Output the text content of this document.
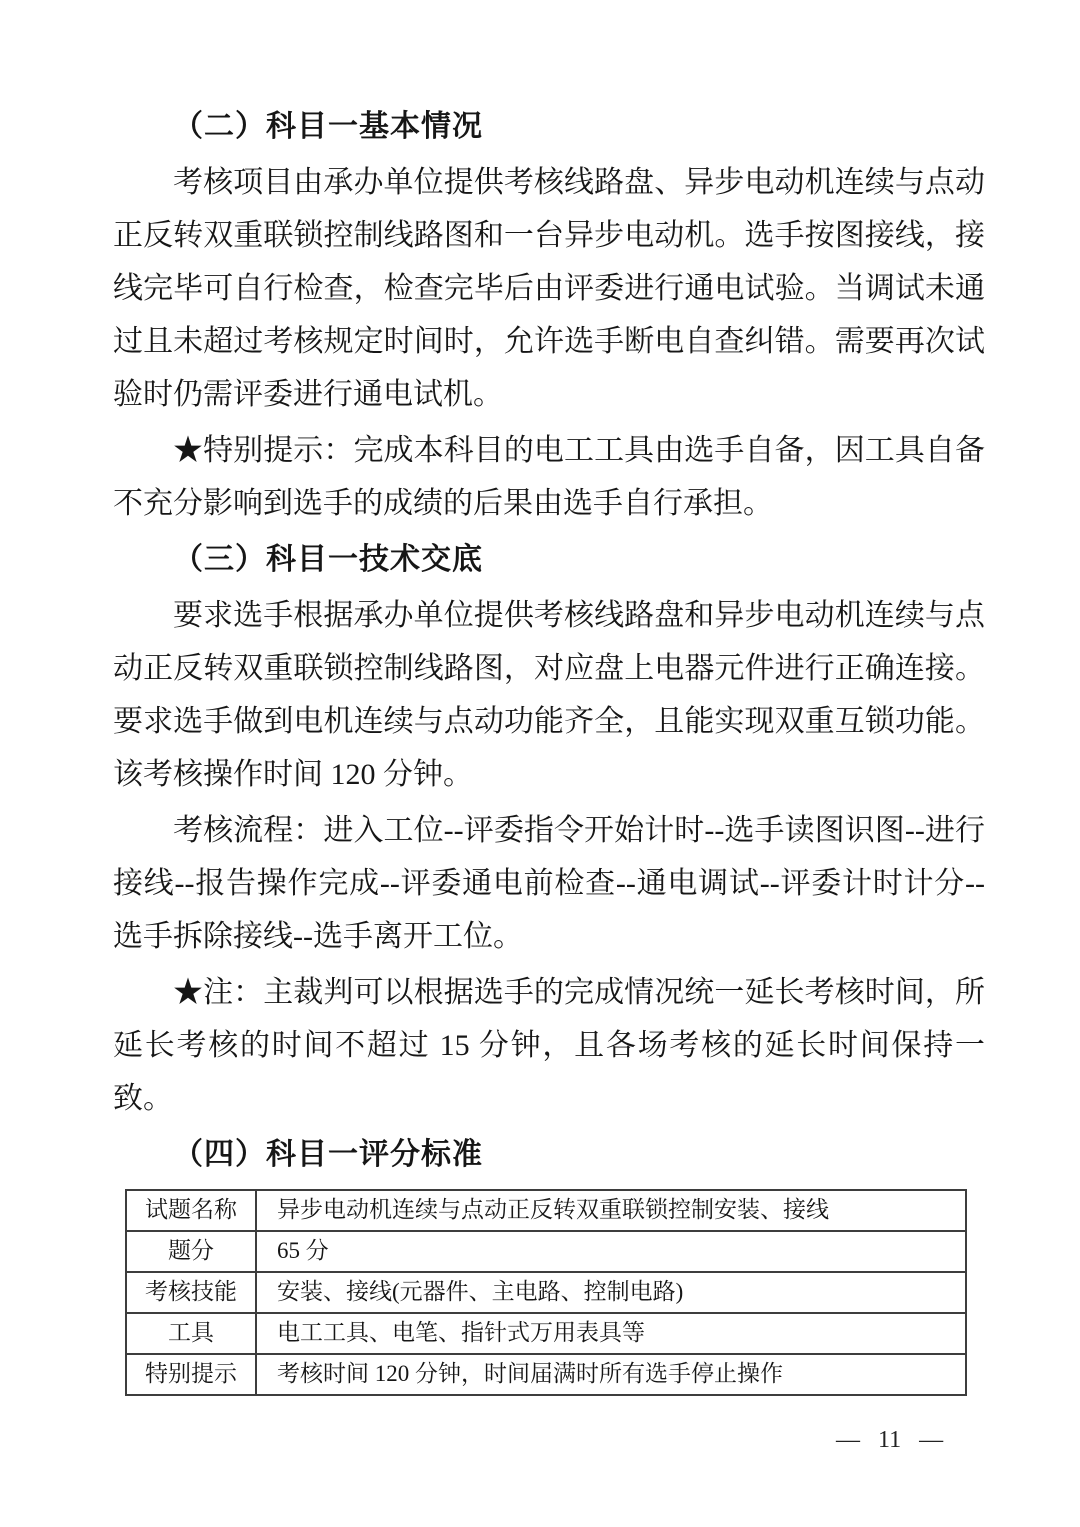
（二）科目一基本情况

考核项目由承办单位提供考核线路盘、异步电动机连续与点动正反转双重联锁控制线路图和一台异步电动机。选手按图接线，接线完毕可自行检查，检查完毕后由评委进行通电试验。当调试未通过且未超过考核规定时间时，允许选手断电自查纠错。需要再次试验时仍需评委进行通电试机。

★特别提示：完成本科目的电工工具由选手自备，因工具自备不充分影响到选手的成绩的后果由选手自行承担。

（三）科目一技术交底

要求选手根据承办单位提供考核线路盘和异步电动机连续与点动正反转双重联锁控制线路图，对应盘上电器元件进行正确连接。要求选手做到电机连续与点动功能齐全，且能实现双重互锁功能。该考核操作时间 120 分钟。

考核流程：进入工位--评委指令开始计时--选手读图识图--进行接线--报告操作完成--评委通电前检查--通电调试--评委计时计分--选手拆除接线--选手离开工位。

★注：主裁判可以根据选手的完成情况统一延长考核时间，所延长考核的时间不超过 15 分钟，且各场考核的延长时间保持一致。

（四）科目一评分标准

试题名称	异步电动机连续与点动正反转双重联锁控制安装、接线
题分	65 分
考核技能	安装、接线(元器件、主电路、控制电路)
工具	电工工具、电笔、指针式万用表具等
特别提示	考核时间 120 分钟，时间届满时所有选手停止操作
— 11 —
